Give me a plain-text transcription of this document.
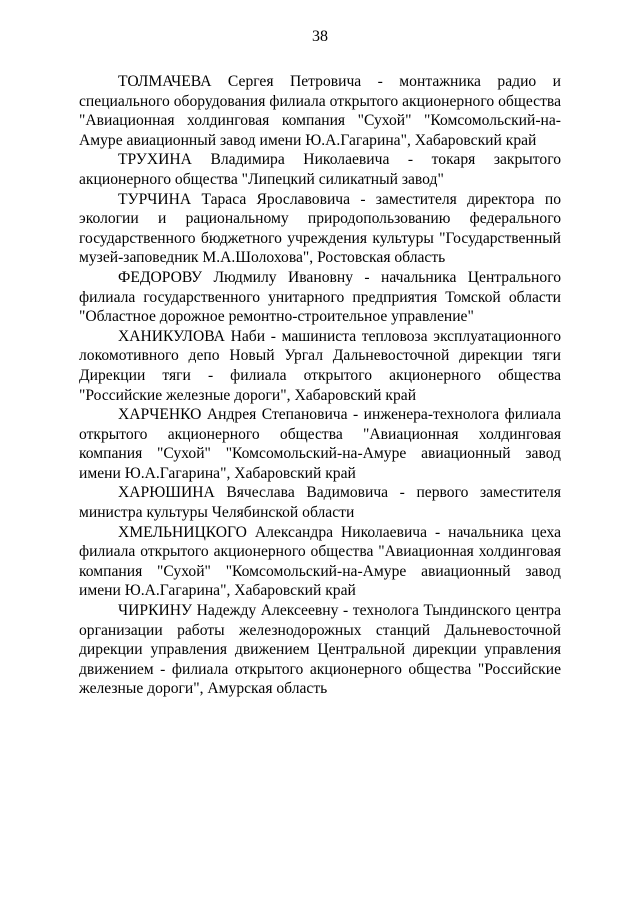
38

ТОЛМАЧЕВА Сергея Петровича - монтажника радио и специального оборудования филиала открытого акционерного общества "Авиационная холдинговая компания "Сухой" "Комсомольский-на-Амуре авиационный завод имени Ю.А.Гагарина", Хабаровский край

ТРУХИНА Владимира Николаевича - токаря закрытого акционерного общества "Липецкий силикатный завод"

ТУРЧИНА Тараса Ярославовича - заместителя директора по экологии и рациональному природопользованию федерального государственного бюджетного учреждения культуры "Государственный музей-заповедник М.А.Шолохова", Ростовская область

ФЕДОРОВУ Людмилу Ивановну - начальника Центрального филиала государственного унитарного предприятия Томской области "Областное дорожное ремонтно-строительное управление"

ХАНИКУЛОВА Наби - машиниста тепловоза эксплуатационного локомотивного депо Новый Ургал Дальневосточной дирекции тяги Дирекции тяги - филиала открытого акционерного общества "Российские железные дороги", Хабаровский край

ХАРЧЕНКО Андрея Степановича - инженера-технолога филиала открытого акционерного общества "Авиационная холдинговая компания "Сухой" "Комсомольский-на-Амуре авиационный завод имени Ю.А.Гагарина", Хабаровский край

ХАРЮШИНА Вячеслава Вадимовича - первого заместителя министра культуры Челябинской области

ХМЕЛЬНИЦКОГО Александра Николаевича - начальника цеха филиала открытого акционерного общества "Авиационная холдинговая компания "Сухой" "Комсомольский-на-Амуре авиационный завод имени Ю.А.Гагарина", Хабаровский край

ЧИРКИНУ Надежду Алексеевну - технолога Тындинского центра организации работы железнодорожных станций Дальневосточной дирекции управления движением Центральной дирекции управления движением - филиала открытого акционерного общества "Российские железные дороги", Амурская область
